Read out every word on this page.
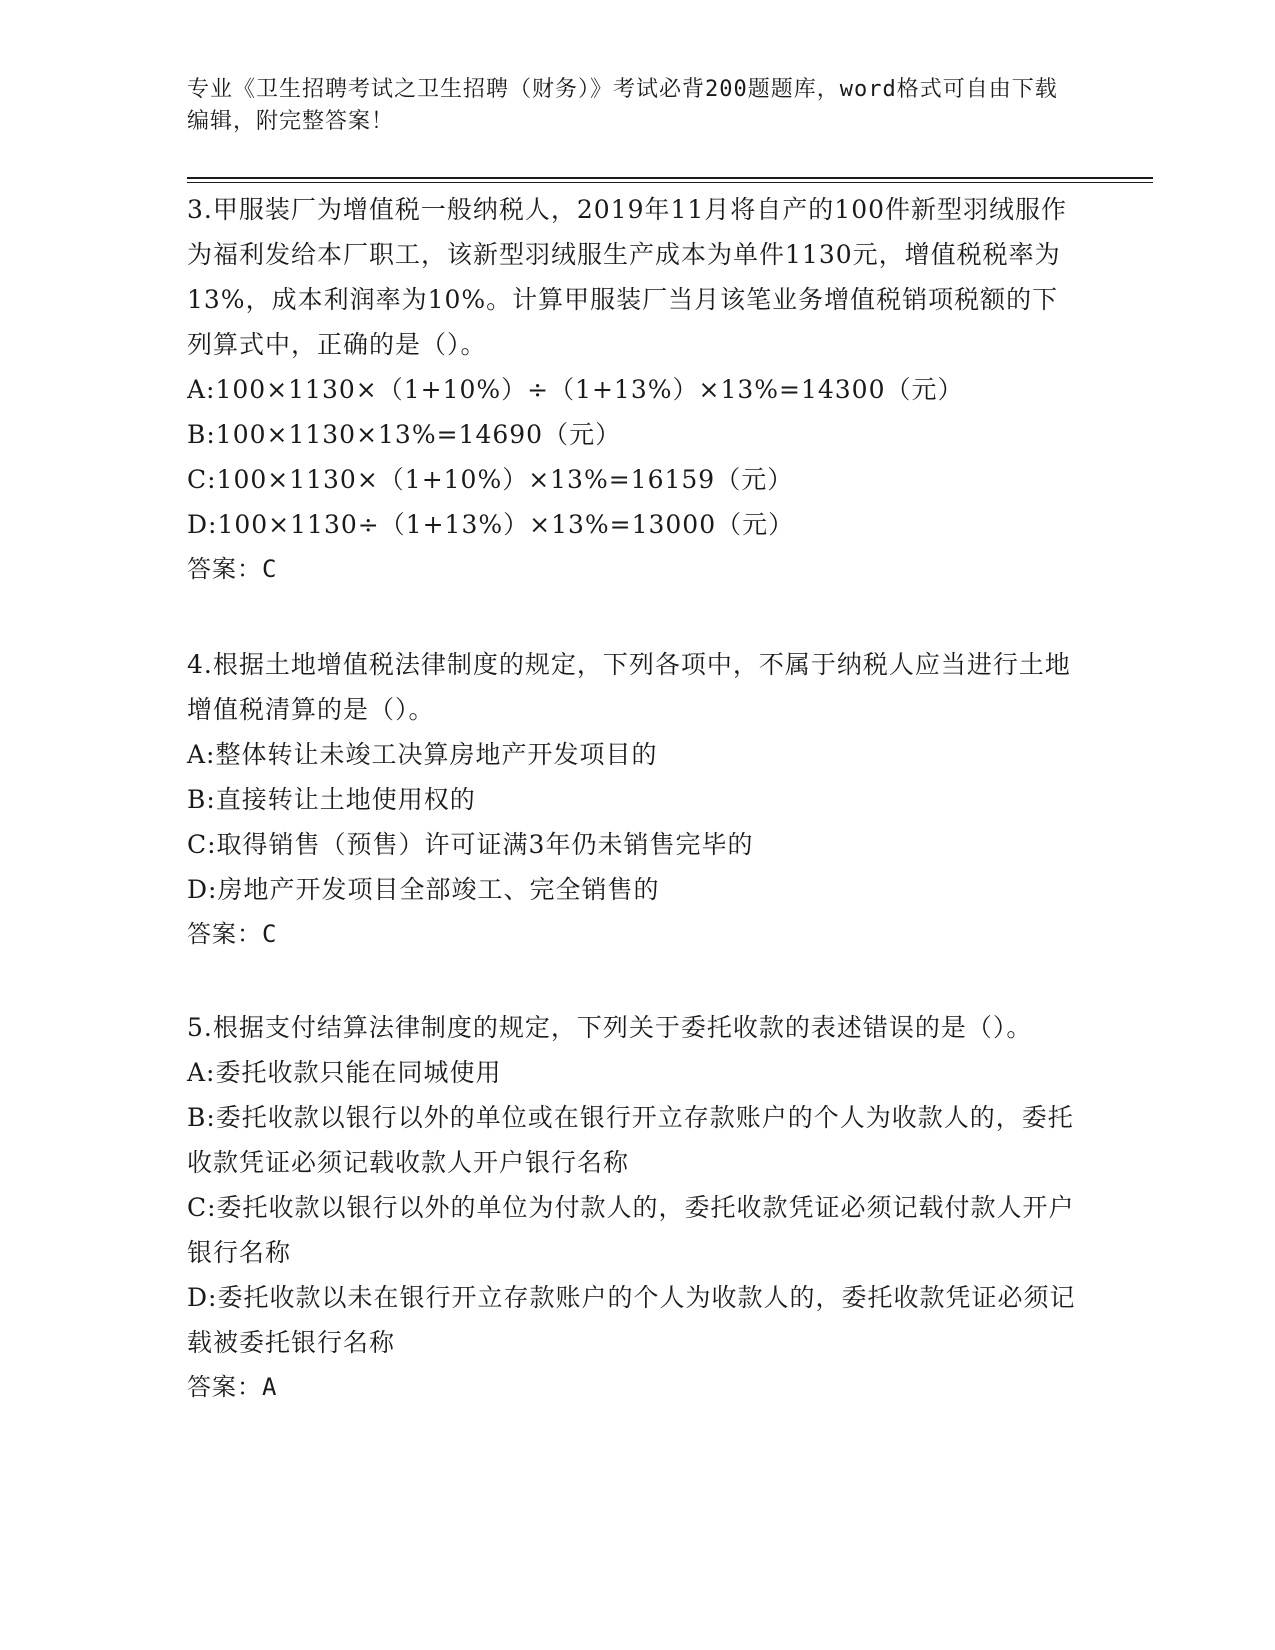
专业《卫生招聘考试之卫生招聘（财务）》考试必背200题题库，word格式可自由下载编辑，附完整答案！

3.甲服装厂为增值税一般纳税人，2019年11月将自产的100件新型羽绒服作为福利发给本厂职工，该新型羽绒服生产成本为单件1130元，增值税税率为13%，成本利润率为10%。计算甲服装厂当月该笔业务增值税销项税额的下列算式中，正确的是（）。

A:100×1130×（1+10%）÷（1+13%）×13%=14300（元）

B:100×1130×13%=14690（元）

C:100×1130×（1+10%）×13%=16159（元）

D:100×1130÷（1+13%）×13%=13000（元）

答案：C

4.根据土地增值税法律制度的规定，下列各项中，不属于纳税人应当进行土地增值税清算的是（）。

A:整体转让未竣工决算房地产开发项目的

B:直接转让土地使用权的

C:取得销售（预售）许可证满3年仍未销售完毕的

D:房地产开发项目全部竣工、完全销售的

答案：C

5.根据支付结算法律制度的规定，下列关于委托收款的表述错误的是（）。

A:委托收款只能在同城使用

B:委托收款以银行以外的单位或在银行开立存款账户的个人为收款人的，委托收款凭证必须记载收款人开户银行名称

C:委托收款以银行以外的单位为付款人的，委托收款凭证必须记载付款人开户银行名称

D:委托收款以未在银行开立存款账户的个人为收款人的，委托收款凭证必须记载被委托银行名称

答案：A
